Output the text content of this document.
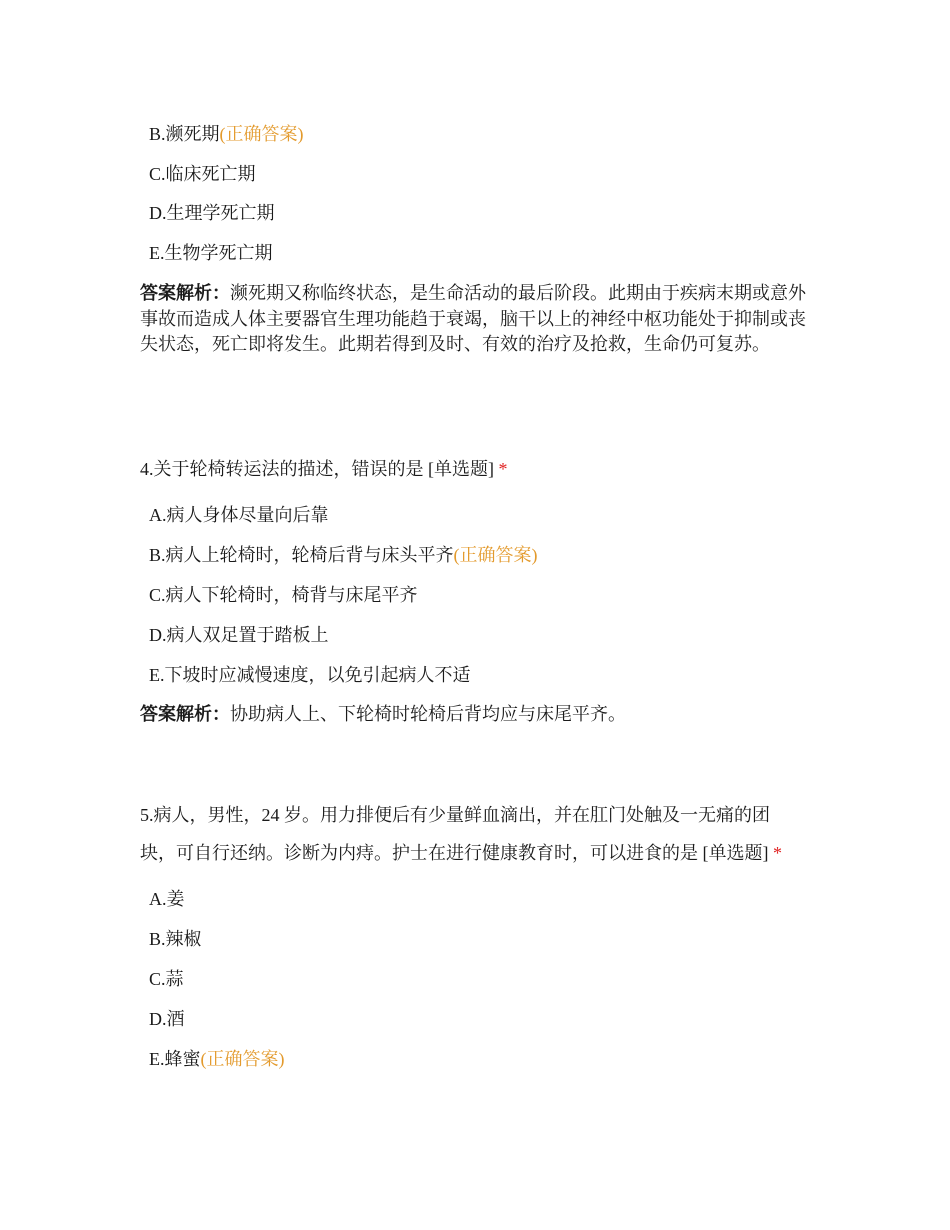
B.濒死期(正确答案)
C.临床死亡期
D.生理学死亡期
E.生物学死亡期
答案解析：濒死期又称临终状态，是生命活动的最后阶段。此期由于疾病末期或意外事故而造成人体主要器官生理功能趋于衰竭，脑干以上的神经中枢功能处于抑制或丧失状态，死亡即将发生。此期若得到及时、有效的治疗及抢救，生命仍可复苏。
4.关于轮椅转运法的描述，错误的是 [单选题] *
A.病人身体尽量向后靠
B.病人上轮椅时，轮椅后背与床头平齐(正确答案)
C.病人下轮椅时，椅背与床尾平齐
D.病人双足置于踏板上
E.下坡时应减慢速度，以免引起病人不适
答案解析：协助病人上、下轮椅时轮椅后背均应与床尾平齐。
5.病人，男性，24 岁。用力排便后有少量鲜血滴出，并在肛门处触及一无痛的团
块，可自行还纳。诊断为内痔。护士在进行健康教育时，可以进食的是 [单选题] *
A.姜
B.辣椒
C.蒜
D.酒
E.蜂蜜(正确答案)
